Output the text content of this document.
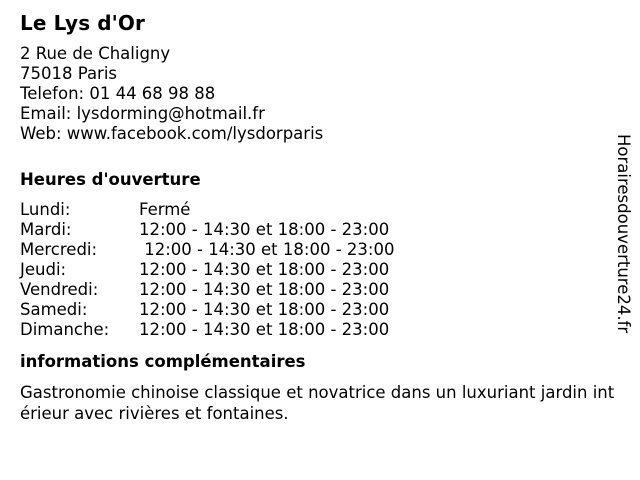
Le Lys d'Or
2 Rue de Chaligny
75018 Paris
Telefon: 01 44 68 98 88
Email: lysdorming@hotmail.fr
Web: www.facebook.com/lysdorparis
Heures d'ouverture
Lundi:	Fermé
Mardi:	12:00 - 14:30 et 18:00 - 23:00
Mercredi:	12:00 - 14:30 et 18:00 - 23:00
Jeudi:	12:00 - 14:30 et 18:00 - 23:00
Vendredi:	12:00 - 14:30 et 18:00 - 23:00
Samedi:	12:00 - 14:30 et 18:00 - 23:00
Dimanche:	12:00 - 14:30 et 18:00 - 23:00
informations complémentaires
Gastronomie chinoise classique et novatrice dans un luxuriant jardin intérieur avec rivières et fontaines.
Horairesdouverture24.fr
